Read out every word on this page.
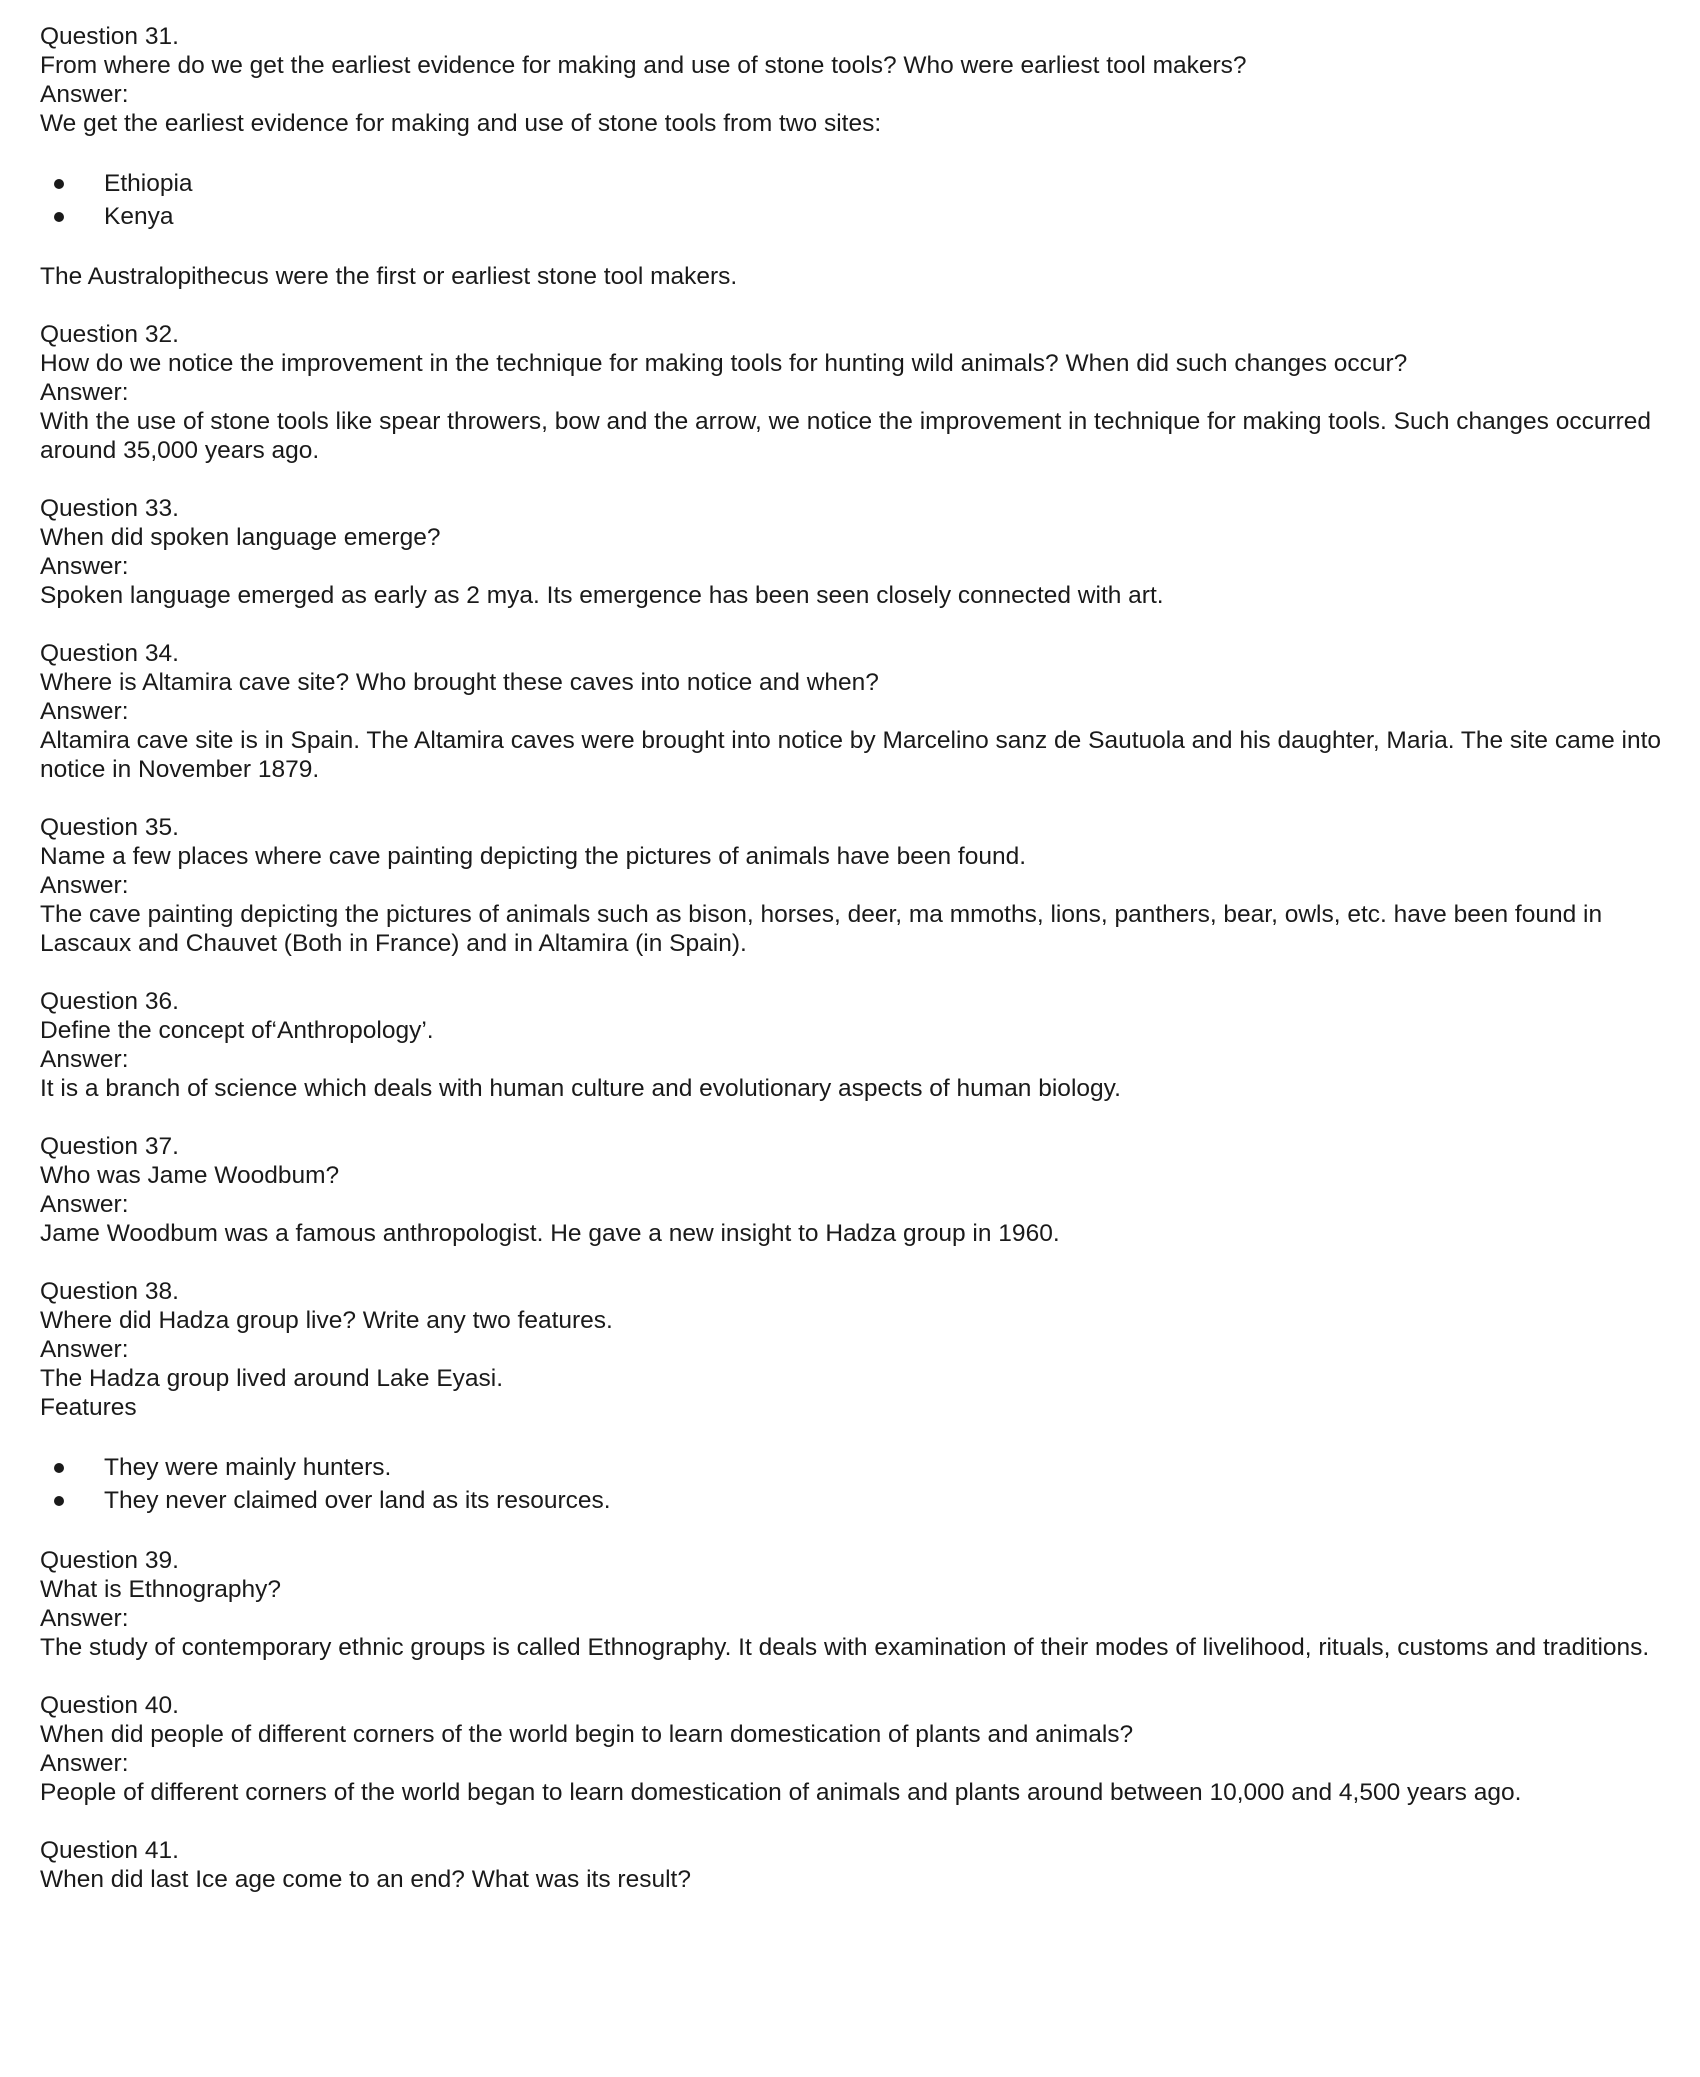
Question 31.
From where do we get the earliest evidence for making and use of stone tools? Who were earliest tool makers?
Answer:
We get the earliest evidence for making and use of stone tools from two sites:
Ethiopia
Kenya
The Australopithecus were the first or earliest stone tool makers.
Question 32.
How do we notice the improvement in the technique for making tools for hunting wild animals? When did such changes occur?
Answer:
With the use of stone tools like spear throwers, bow and the arrow, we notice the improvement in technique for making tools. Such changes occurred around 35,000 years ago.
Question 33.
When did spoken language emerge?
Answer:
Spoken language emerged as early as 2 mya. Its emergence has been seen closely connected with art.
Question 34.
Where is Altamira cave site? Who brought these caves into notice and when?
Answer:
Altamira cave site is in Spain. The Altamira caves were brought into notice by Marcelino sanz de Sautuola and his daughter, Maria. The site came into notice in November 1879.
Question 35.
Name a few places where cave painting depicting the pictures of animals have been found.
Answer:
The cave painting depicting the pictures of animals such as bison, horses, deer, ma mmoths, lions, panthers, bear, owls, etc. have been found in Lascaux and Chauvet (Both in France) and in Altamira (in Spain).
Question 36.
Define the concept of‘Anthropology’.
Answer:
It is a branch of science which deals with human culture and evolutionary aspects of human biology.
Question 37.
Who was Jame Woodbum?
Answer:
Jame Woodbum was a famous anthropologist. He gave a new insight to Hadza group in 1960.
Question 38.
Where did Hadza group live? Write any two features.
Answer:
The Hadza group lived around Lake Eyasi.
Features
They were mainly hunters.
They never claimed over land as its resources.
Question 39.
What is Ethnography?
Answer:
The study of contemporary ethnic groups is called Ethnography. It deals with examination of their modes of livelihood, rituals, customs and traditions.
Question 40.
When did people of different corners of the world begin to learn domestication of plants and animals?
Answer:
People of different corners of the world began to learn domestication of animals and plants around between 10,000 and 4,500 years ago.
Question 41.
When did last Ice age come to an end? What was its result?
